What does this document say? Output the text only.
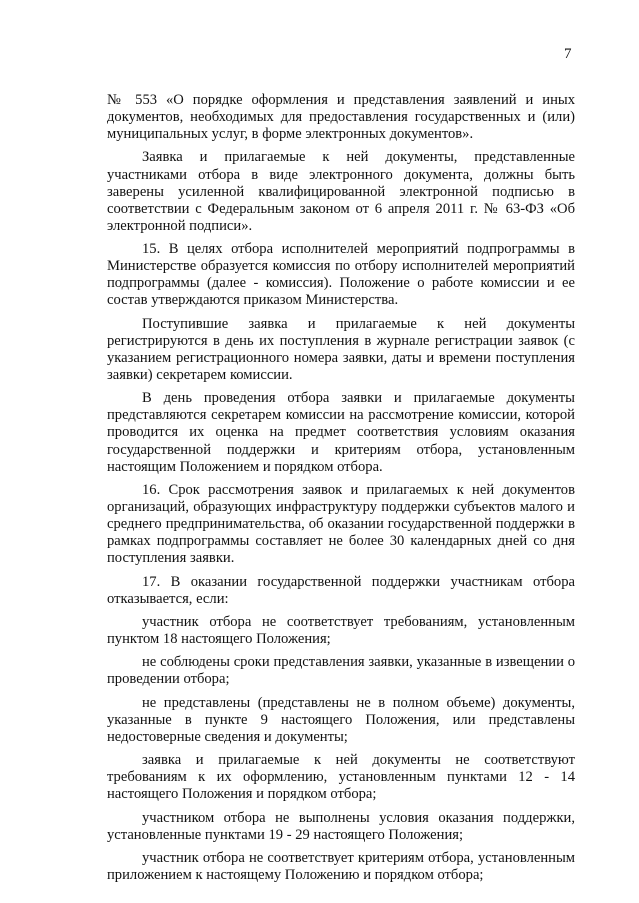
7

№ 553 «О порядке оформления и представления заявлений и иных документов, необходимых для предоставления государственных и (или) муниципальных услуг, в форме электронных документов».

Заявка и прилагаемые к ней документы, представленные участниками отбора в виде электронного документа, должны быть заверены усиленной квалифицированной электронной подписью в соответствии с Федеральным законом от 6 апреля 2011 г. № 63-ФЗ «Об электронной подписи».

15. В целях отбора исполнителей мероприятий подпрограммы в Министерстве образуется комиссия по отбору исполнителей мероприятий подпрограммы (далее - комиссия). Положение о работе комиссии и ее состав утверждаются приказом Министерства.

Поступившие заявка и прилагаемые к ней документы регистрируются в день их поступления в журнале регистрации заявок (с указанием регистрационного номера заявки, даты и времени поступления заявки) секретарем комиссии.

В день проведения отбора заявки и прилагаемые документы представляются секретарем комиссии на рассмотрение комиссии, которой проводится их оценка на предмет соответствия условиям оказания государственной поддержки и критериям отбора, установленным настоящим Положением и порядком отбора.

16. Срок рассмотрения заявок и прилагаемых к ней документов организаций, образующих инфраструктуру поддержки субъектов малого и среднего предпринимательства, об оказании государственной поддержки в рамках подпрограммы составляет не более 30 календарных дней со дня поступления заявки.

17. В оказании государственной поддержки участникам отбора отказывается, если:

участник отбора не соответствует требованиям, установленным пунктом 18 настоящего Положения;

не соблюдены сроки представления заявки, указанные в извещении о проведении отбора;

не представлены (представлены не в полном объеме) документы, указанные в пункте 9 настоящего Положения, или представлены недостоверные сведения и документы;

заявка и прилагаемые к ней документы не соответствуют требованиям к их оформлению, установленным пунктами 12 - 14 настоящего Положения и порядком отбора;

участником отбора не выполнены условия оказания поддержки, установленные пунктами 19 - 29 настоящего Положения;

участник отбора не соответствует критериям отбора, установленным приложением к настоящему Положению и порядком отбора;
